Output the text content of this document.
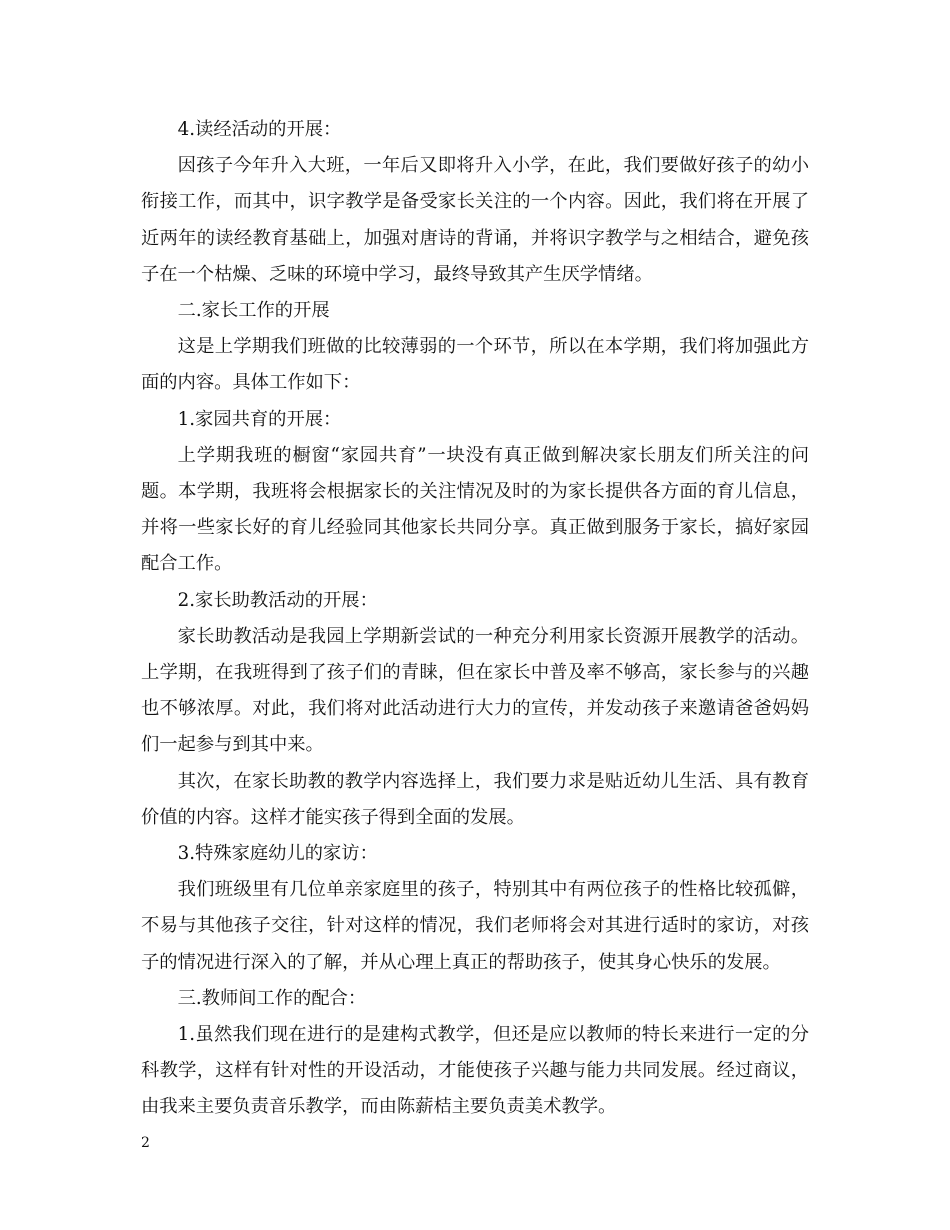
4.读经活动的开展：

因孩子今年升入大班，一年后又即将升入小学，在此，我们要做好孩子的幼小衔接工作，而其中，识字教学是备受家长关注的一个内容。因此，我们将在开展了近两年的读经教育基础上，加强对唐诗的背诵，并将识字教学与之相结合，避免孩子在一个枯燥、乏味的环境中学习，最终导致其产生厌学情绪。

二.家长工作的开展

这是上学期我们班做的比较薄弱的一个环节，所以在本学期，我们将加强此方面的内容。具体工作如下：

1.家园共育的开展：

上学期我班的橱窗“家园共育”一块没有真正做到解决家长朋友们所关注的问题。本学期，我班将会根据家长的关注情况及时的为家长提供各方面的育儿信息，并将一些家长好的育儿经验同其他家长共同分享。真正做到服务于家长，搞好家园配合工作。

2.家长助教活动的开展：

家长助教活动是我园上学期新尝试的一种充分利用家长资源开展教学的活动。上学期，在我班得到了孩子们的青睐，但在家长中普及率不够高，家长参与的兴趣也不够浓厚。对此，我们将对此活动进行大力的宣传，并发动孩子来邀请爸爸妈妈们一起参与到其中来。

其次，在家长助教的教学内容选择上，我们要力求是贴近幼儿生活、具有教育价值的内容。这样才能实孩子得到全面的发展。

3.特殊家庭幼儿的家访：

我们班级里有几位单亲家庭里的孩子，特别其中有两位孩子的性格比较孤僻，不易与其他孩子交往，针对这样的情况，我们老师将会对其进行适时的家访，对孩子的情况进行深入的了解，并从心理上真正的帮助孩子，使其身心快乐的发展。

三.教师间工作的配合：

1.虽然我们现在进行的是建构式教学，但还是应以教师的特长来进行一定的分科教学，这样有针对性的开设活动，才能使孩子兴趣与能力共同发展。经过商议，由我来主要负责音乐教学，而由陈薪桔主要负责美术教学。

2
